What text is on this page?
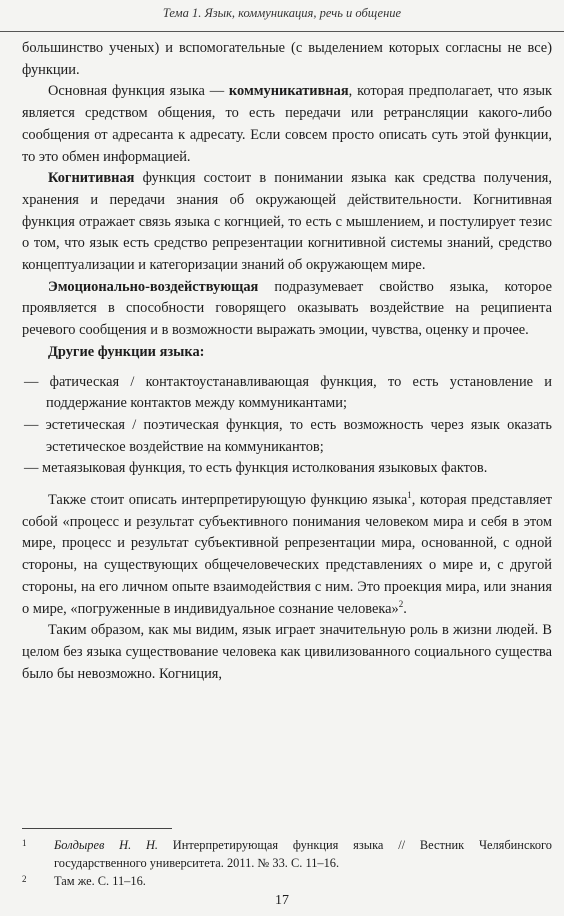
Тема 1. Язык, коммуникация, речь и общение

большинство ученых) и вспомогательные (с выделением которых согласны не все) функции.

Основная функция языка — коммуникативная, которая предполагает, что язык является средством общения, то есть передачи или ретрансляции какого-либо сообщения от адресанта к адресату. Если совсем просто описать суть этой функции, то это обмен информацией.

Когнитивная функция состоит в понимании языка как средства получения, хранения и передачи знания об окружающей действительности. Когнитивная функция отражает связь языка с когнцией, то есть с мышлением, и постулирует тезис о том, что язык есть средство репрезентации когнитивной системы знаний, средство концептуализации и категоризации знаний об окружающем мире.

Эмоционально-воздействующая подразумевает свойство языка, которое проявляется в способности говорящего оказывать воздействие на реципиента речевого сообщения и в возможности выражать эмоции, чувства, оценку и прочее.

Другие функции языка:

— фатическая / контактоустанавливающая функция, то есть установление и поддержание контактов между коммуникантами;
— эстетическая / поэтическая функция, то есть возможность через язык оказать эстетическое воздействие на коммуникантов;
— метаязыковая функция, то есть функция истолкования языковых фактов.

Также стоит описать интерпретирующую функцию языка$^1$, которая представляет собой «процесс и результат субъективного понимания человеком мира и себя в этом мире, процесс и результат субъективной репрезентации мира, основанной, с одной стороны, на существующих общечеловеческих представлениях о мире и, с другой стороны, на его личном опыте взаимодействия с ним. Это проекция мира, или знания о мире, «погруженные в индивидуальное сознание человека»$^2$.

Таким образом, как мы видим, язык играет значительную роль в жизни людей. В целом без языка существование человека как цивилизованного социального существа было бы невозможно. Когниция,

1 Болдырев Н. Н. Интерпретирующая функция языка // Вестник Челябинского государственного университета. 2011. № 33. С. 11–16.
2 Там же. С. 11–16.
17
